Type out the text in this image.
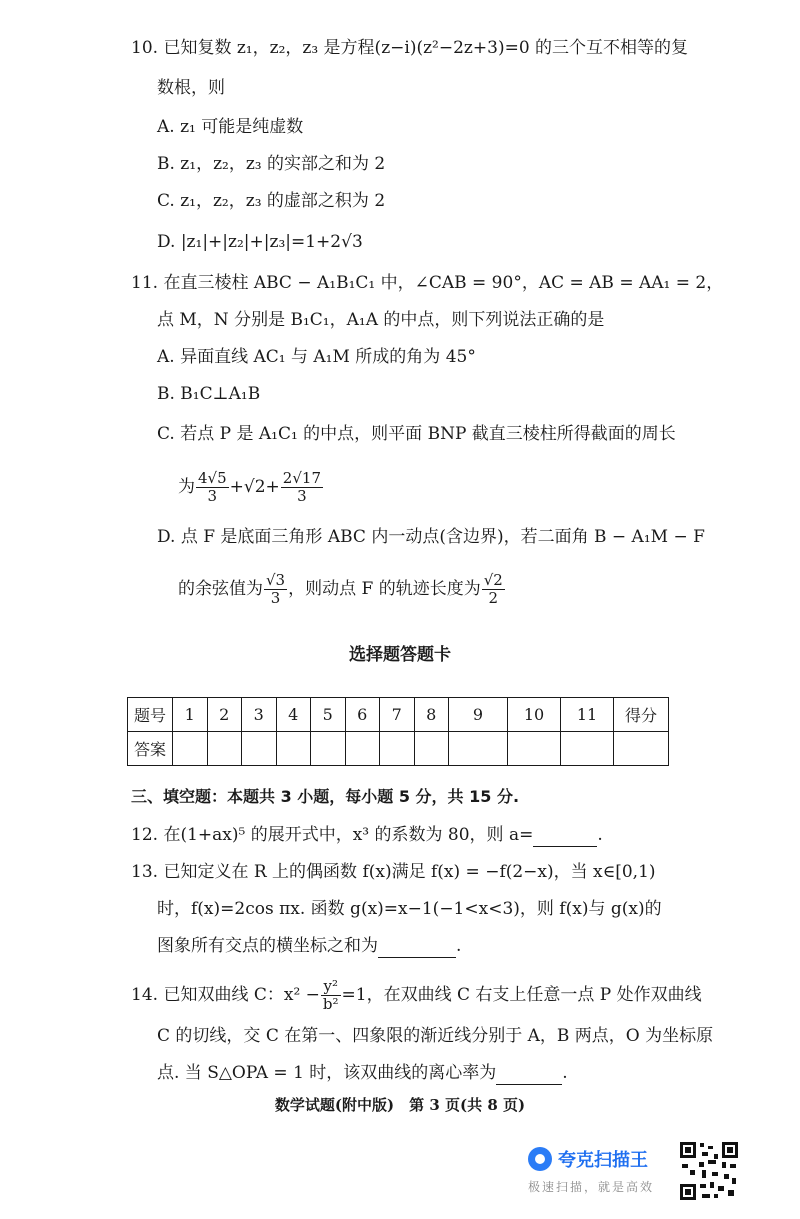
10. 已知复数 z₁，z₂，z₃ 是方程(z−i)(z²−2z+3)=0 的三个互不相等的复
数根，则
A. z₁ 可能是纯虚数
B. z₁，z₂，z₃ 的实部之和为 2
C. z₁，z₂，z₃ 的虚部之积为 2
D. |z₁|+|z₂|+|z₃|=1+2√3
11. 在直三棱柱 ABC − A₁B₁C₁ 中，∠CAB = 90°，AC = AB = AA₁ = 2，
点 M，N 分别是 B₁C₁，A₁A 的中点，则下列说法正确的是
A. 异面直线 AC₁ 与 A₁M 所成的角为 45°
B. B₁C⊥A₁B
C. 若点 P 是 A₁C₁ 的中点，则平面 BNP 截直三棱柱所得截面的周长
为 $\frac{4√5}{3} +√2+ \frac{2√17}{3}$
D. 点 F 是底面三角形 ABC 内一动点(含边界)，若二面角 B − A₁M − F
的余弦值为 $\frac{√3}{3}$ ，则动点 F 的轨迹长度为 $\frac{√2}{2}$
选择题答题卡
题号	1	2	3	4	5	6	7	8	9	10	11	得分
答案												
三、填空题：本题共 3 小题，每小题 5 分，共 15 分.
12. 在(1+ax)⁵ 的展开式中，x³ 的系数为 80，则 a=	.
13. 已知定义在 R 上的偶函数 f(x)满足 f(x) = −f(2−x)，当 x∈[0,1)
时，f(x)=2cos πx. 函数 g(x)=x−1(−1<x<3)，则 f(x)与 g(x)的
图象所有交点的横坐标之和为	.
14. 已知双曲线 C：$x^2 - \frac{\text{y²}}{\text{b²}} =1$，在双曲线 C 右支上任意一点 P 处作双曲线
C 的切线，交 C 在第一、四象限的渐近线分别于 A，B 两点，O 为坐标原
点. 当 S△OPA = 1 时，该双曲线的离心率为	.
数学试题(附中版)　第 3 页(共 8 页)
夸克扫描王
极速扫描，就是高效
